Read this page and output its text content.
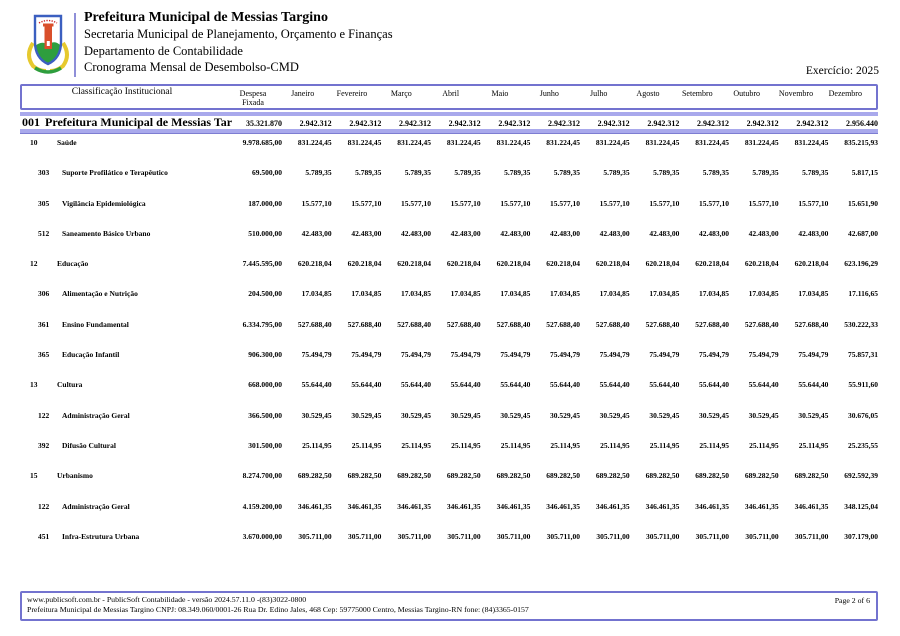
Prefeitura Municipal de Messias Targino
Secretaria Municipal de Planejamento, Orçamento e Finanças
Departamento de Contabilidade
Cronograma Mensal de Desembolso-CMD	Exercício: 2025
Classificação Institucional	Despesa
Fixada
Janeiro	Fevereiro	Março	Abril	Maio	Junho	Julho	Agosto	Setembro	Outubro	Novembro	Dezembro
001 Prefeitura Municipal de Messias Tar	35.321.870	2.942.312	2.942.312	2.942.312	2.942.312	2.942.312	2.942.312	2.942.312	2.942.312	2.942.312	2.942.312	2.942.312	2.956.440
10	Saúde	9.978.685,00	831.224,45	831.224,45	831.224,45	831.224,45	831.224,45	831.224,45	831.224,45	831.224,45	831.224,45	831.224,45	831.224,45	835.215,93
303	Suporte Profilático e Terapêutico	69.500,00	5.789,35	5.789,35	5.789,35	5.789,35	5.789,35	5.789,35	5.789,35	5.789,35	5.789,35	5.789,35	5.789,35	5.817,15
305	Vigilância Epidemiológica	187.000,00	15.577,10	15.577,10	15.577,10	15.577,10	15.577,10	15.577,10	15.577,10	15.577,10	15.577,10	15.577,10	15.577,10	15.651,90
512	Saneamento Básico Urbano	510.000,00	42.483,00	42.483,00	42.483,00	42.483,00	42.483,00	42.483,00	42.483,00	42.483,00	42.483,00	42.483,00	42.483,00	42.687,00
12	Educação	7.445.595,00	620.218,04	620.218,04	620.218,04	620.218,04	620.218,04	620.218,04	620.218,04	620.218,04	620.218,04	620.218,04	620.218,04	623.196,29
306	Alimentação e Nutrição	204.500,00	17.034,85	17.034,85	17.034,85	17.034,85	17.034,85	17.034,85	17.034,85	17.034,85	17.034,85	17.034,85	17.034,85	17.116,65
361	Ensino Fundamental	6.334.795,00	527.688,40	527.688,40	527.688,40	527.688,40	527.688,40	527.688,40	527.688,40	527.688,40	527.688,40	527.688,40	527.688,40	530.222,33
365	Educação Infantil	906.300,00	75.494,79	75.494,79	75.494,79	75.494,79	75.494,79	75.494,79	75.494,79	75.494,79	75.494,79	75.494,79	75.494,79	75.857,31
13	Cultura	668.000,00	55.644,40	55.644,40	55.644,40	55.644,40	55.644,40	55.644,40	55.644,40	55.644,40	55.644,40	55.644,40	55.644,40	55.911,60
122	Administração Geral	366.500,00	30.529,45	30.529,45	30.529,45	30.529,45	30.529,45	30.529,45	30.529,45	30.529,45	30.529,45	30.529,45	30.529,45	30.676,05
392	Difusão Cultural	301.500,00	25.114,95	25.114,95	25.114,95	25.114,95	25.114,95	25.114,95	25.114,95	25.114,95	25.114,95	25.114,95	25.114,95	25.235,55
15	Urbanismo	8.274.700,00	689.282,50	689.282,50	689.282,50	689.282,50	689.282,50	689.282,50	689.282,50	689.282,50	689.282,50	689.282,50	689.282,50	692.592,39
122	Administração Geral	4.159.200,00	346.461,35	346.461,35	346.461,35	346.461,35	346.461,35	346.461,35	346.461,35	346.461,35	346.461,35	346.461,35	346.461,35	348.125,04
451	Infra-Estrutura Urbana	3.670.000,00	305.711,00	305.711,00	305.711,00	305.711,00	305.711,00	305.711,00	305.711,00	305.711,00	305.711,00	305.711,00	305.711,00	307.179,00
www.publicsoft.com.br - PublicSoft Contabilidade - versão 2024.57.11.0 -(83)3022-0800
Prefeitura Municipal de Messias Targino CNPJ: 08.349.060/0001-26 Rua Dr. Edino Jales, 468 Cep: 59775000 Centro, Messias Targino-RN fone: (84)3365-0157
Page 2 of 6
